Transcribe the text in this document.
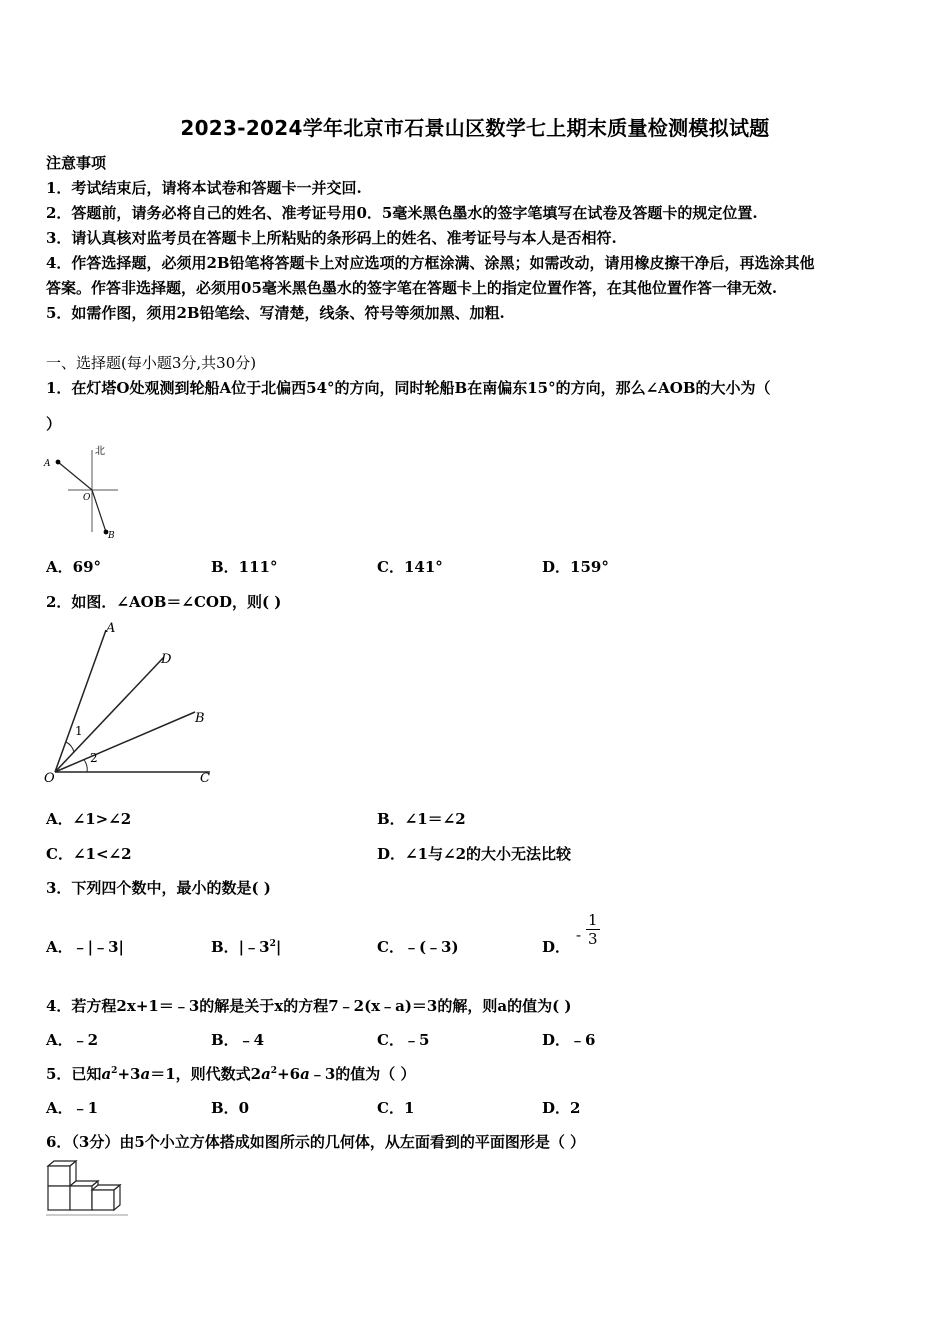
2023-2024学年北京市石景山区数学七上期末质量检测模拟试题
注意事项
1．考试结束后，请将本试卷和答题卡一并交回.
2．答题前，请务必将自己的姓名、准考证号用0．5毫米黑色墨水的签字笔填写在试卷及答题卡的规定位置.
3．请认真核对监考员在答题卡上所粘贴的条形码上的姓名、准考证号与本人是否相符.
4．作答选择题，必须用2B铅笔将答题卡上对应选项的方框涂满、涂黑；如需改动，请用橡皮擦干净后，再选涂其他
答案。作答非选择题，必须用05毫米黑色墨水的签字笔在答题卡上的指定位置作答，在其他位置作答一律无效.
5．如需作图，须用2B铅笔绘、写清楚，线条、符号等须加黑、加粗.
一、选择题(每小题3分,共30分)
1．在灯塔O处观测到轮船A位于北偏西54°的方向，同时轮船B在南偏东15°的方向，那么∠AOB的大小为（
）
北
A
O
B
A．69°	B．111°	C．141°	D．159°
2．如图．∠AOB＝∠COD，则( )
A
D
B
O	C
1
2
A．∠1>∠2	B．∠1＝∠2
C．∠1<∠2	D．∠1与∠2的大小无法比较
3．下列四个数中，最小的数是( )
A．﹣|﹣3|	B．$|﹣3^2|$	C．﹣(﹣3)	D．
- $\frac{1}{3}$
4．若方程2x+1＝﹣3的解是关于x的方程7﹣2(x﹣a)＝3的解，则a的值为( )
A．﹣2	B．﹣4	C．﹣5	D．﹣6
5．已知$a^2+3a=1$，则代数式$2a^2+6a﹣3$的值为（ ）
A．﹣1	B．0	C．1	D．2
6．（3分）由5个小立方体搭成如图所示的几何体，从左面看到的平面图形是（ ）
